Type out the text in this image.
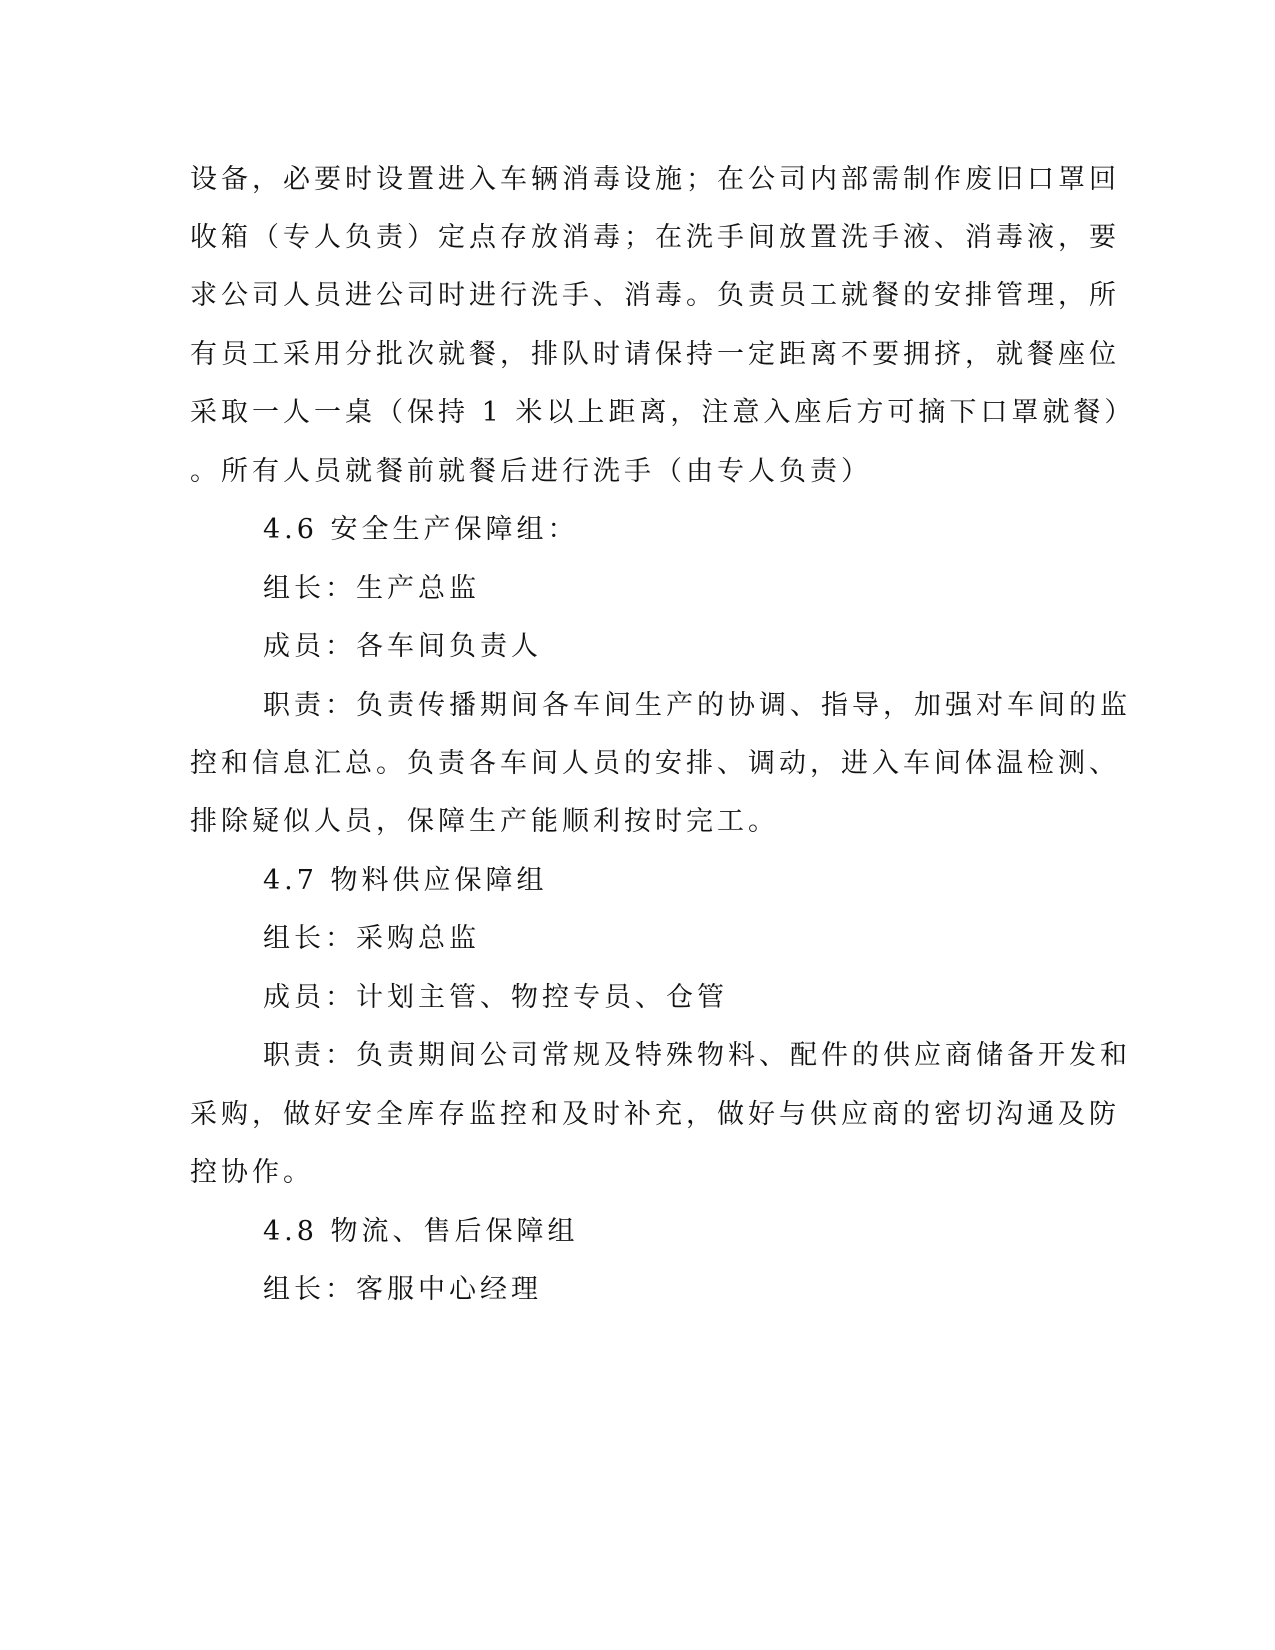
设备，必要时设置进入车辆消毒设施；在公司内部需制作废旧口罩回
收箱（专人负责）定点存放消毒；在洗手间放置洗手液、消毒液，要
求公司人员进公司时进行洗手、消毒。负责员工就餐的安排管理，所
有员工采用分批次就餐，排队时请保持一定距离不要拥挤，就餐座位
采取一人一桌（保持 1 米以上距离，注意入座后方可摘下口罩就餐）
。所有人员就餐前就餐后进行洗手（由专人负责）
4.6 安全生产保障组：
组长：生产总监
成员：各车间负责人
职责：负责传播期间各车间生产的协调、指导，加强对车间的监
控和信息汇总。负责各车间人员的安排、调动，进入车间体温检测、
排除疑似人员，保障生产能顺利按时完工。
4.7 物料供应保障组
组长：采购总监
成员：计划主管、物控专员、仓管
职责：负责期间公司常规及特殊物料、配件的供应商储备开发和
采购，做好安全库存监控和及时补充，做好与供应商的密切沟通及防
控协作。
4.8 物流、售后保障组
组长：客服中心经理
